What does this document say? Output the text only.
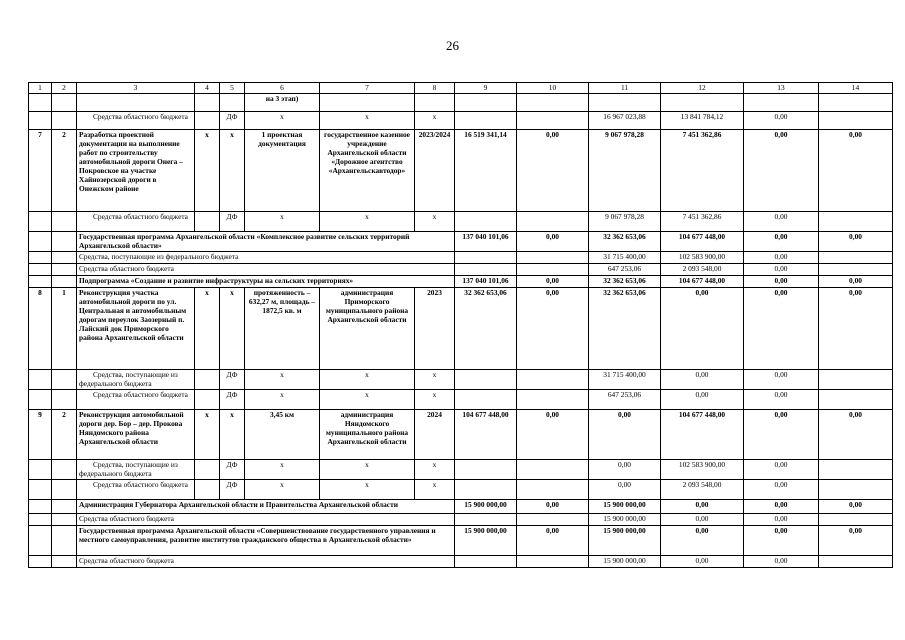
26
1	2	3	4	5	6	7	8	9	10	11	12	13	14
					на 3 этап)								
		Средства областного бюджета		ДФ	х	х	х			16 967 023,88	13 841 784,12	0,00	
7	2	Разработка проектной документации на выполнение работ по строительству автомобильной дороги Онега – Покровское на участке Хайнозерской дороги в Онежском районе	х	х	1 проектная документация	государственное казенное учреждение Архангельской области «Дорожное агентство «Архангельскавтодор»	2023/2024	16 519 341,14	0,00	9 067 978,28	7 451 362,86	0,00	0,00
		Средства областного бюджета		ДФ	х	х	х			9 067 978,28	7 451 362,86	0,00	
		Государственная программа Архангельской области «Комплексное развитие сельских территорий Архангельской области»						137 040 101,06	0,00	32 362 653,06	104 677 448,00	0,00	0,00
		Средства, поступающие из федерального бюджета								31 715 400,00	102 583 900,00	0,00	
		Средства областного бюджета								647 253,06	2 093 548,00	0,00	
		Подпрограмма «Создание и развитие инфраструктуры на сельских территориях»						137 040 101,06	0,00	32 362 653,06	104 677 448,00	0,00	0,00
8	1	Реконструкция участка автомобильной дороги по ул. Центральная и автомобильным дорогам переулок Заозерный п. Лайский док Приморского района Архангельской области	х	х	протяженность – 632,27 м, площадь – 1872,5 кв. м	администрация Приморского муниципального района Архангельской области	2023	32 362 653,06	0,00	32 362 653,06	0,00	0,00	0,00
		Средства, поступающие из федерального бюджета		ДФ	х	х	х			31 715 400,00	0,00	0,00	
		Средства областного бюджета		ДФ	х	х	х			647 253,06	0,00	0,00	
9	2	Реконструкция автомобильной дороги дер. Бор – дер. Прокова Няндомского района Архангельской области	х	х	3,45 км	администрация Няндомского муниципального района Архангельской области	2024	104 677 448,00	0,00	0,00	104 677 448,00	0,00	0,00
		Средства, поступающие из федерального бюджета		ДФ	х	х	х			0,00	102 583 900,00	0,00	
		Средства областного бюджета		ДФ	х	х	х			0,00	2 093 548,00	0,00	
		Администрация Губернатора Архангельской области и Правительства Архангельской области						15 900 000,00	0,00	15 900 000,00	0,00	0,00	0,00
		Средства областного бюджета								15 900 000,00	0,00	0,00	
		Государственная программа Архангельской области «Совершенствование государственного управления и местного самоуправления, развитие институтов гражданского общества в Архангельской области»						15 900 000,00	0,00	15 900 000,00	0,00	0,00	0,00
		Средства областного бюджета								15 900 000,00	0,00	0,00	
